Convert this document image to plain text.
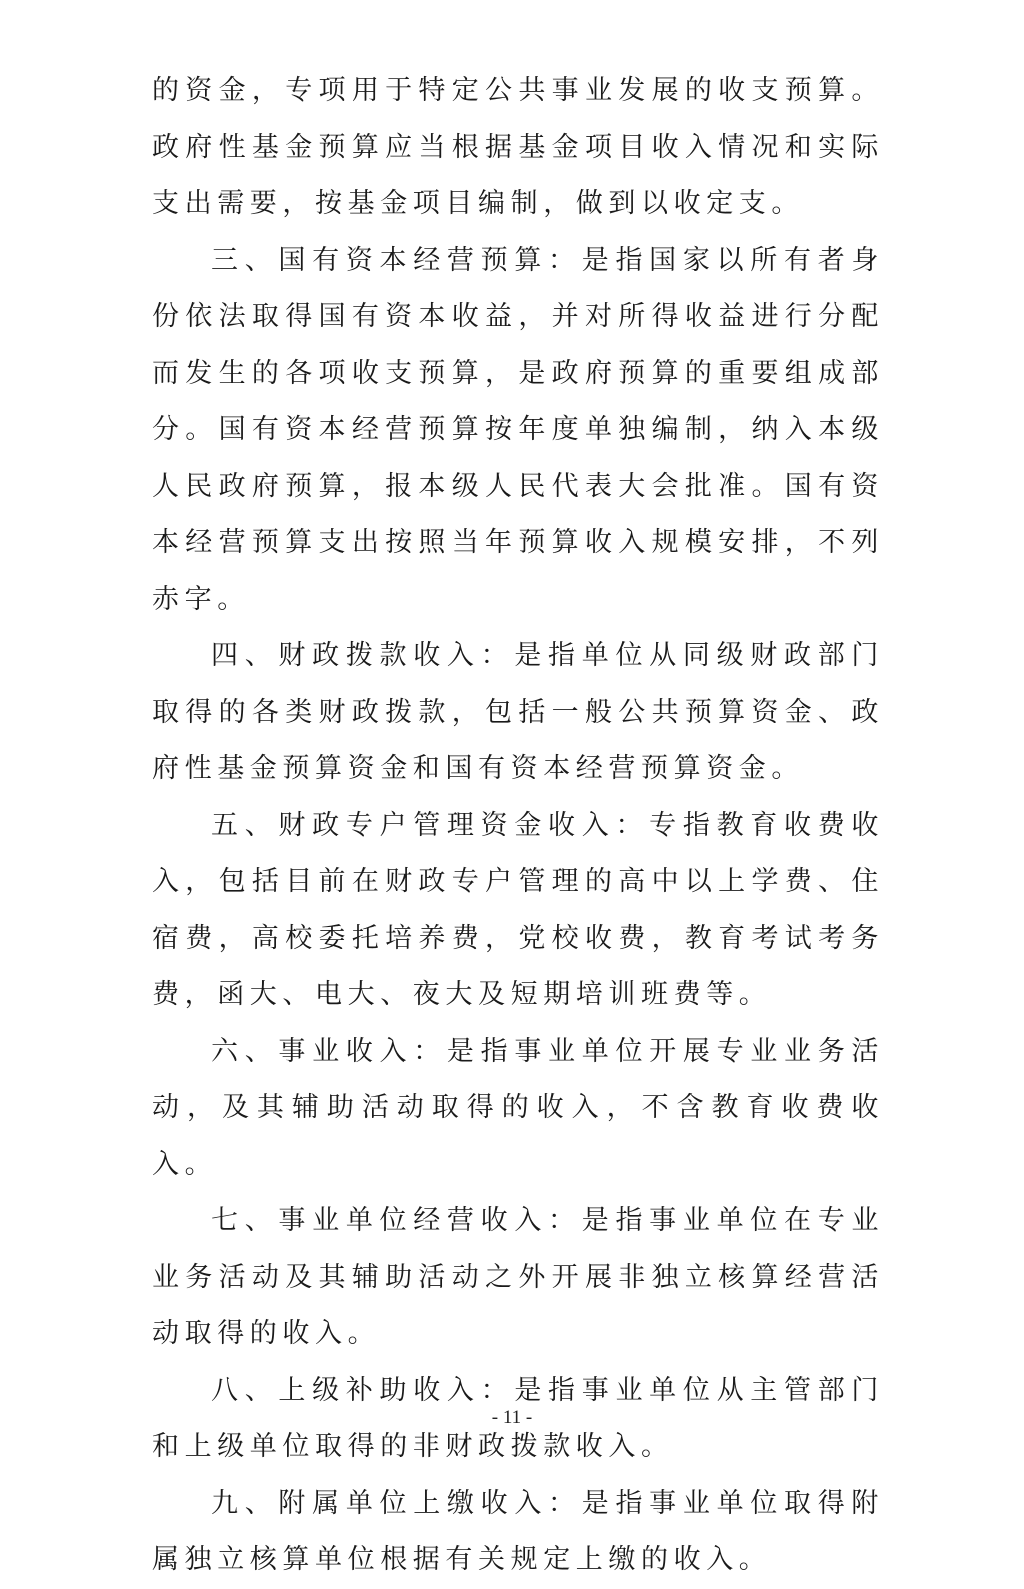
的资金，专项用于特定公共事业发展的收支预算。政府性基金预算应当根据基金项目收入情况和实际支出需要，按基金项目编制，做到以收定支。

三、国有资本经营预算：是指国家以所有者身份依法取得国有资本收益，并对所得收益进行分配而发生的各项收支预算，是政府预算的重要组成部分。国有资本经营预算按年度单独编制，纳入本级人民政府预算，报本级人民代表大会批准。国有资本经营预算支出按照当年预算收入规模安排，不列赤字。

四、财政拨款收入：是指单位从同级财政部门取得的各类财政拨款，包括一般公共预算资金、政府性基金预算资金和国有资本经营预算资金。

五、财政专户管理资金收入：专指教育收费收入，包括目前在财政专户管理的高中以上学费、住宿费，高校委托培养费，党校收费，教育考试考务费，函大、电大、夜大及短期培训班费等。

六、事业收入：是指事业单位开展专业业务活动，及其辅助活动取得的收入，不含教育收费收入。

七、事业单位经营收入：是指事业单位在专业业务活动及其辅助活动之外开展非独立核算经营活动取得的收入。

八、上级补助收入：是指事业单位从主管部门和上级单位取得的非财政拨款收入。

九、附属单位上缴收入：是指事业单位取得附属独立核算单位根据有关规定上缴的收入。

- 11 -
